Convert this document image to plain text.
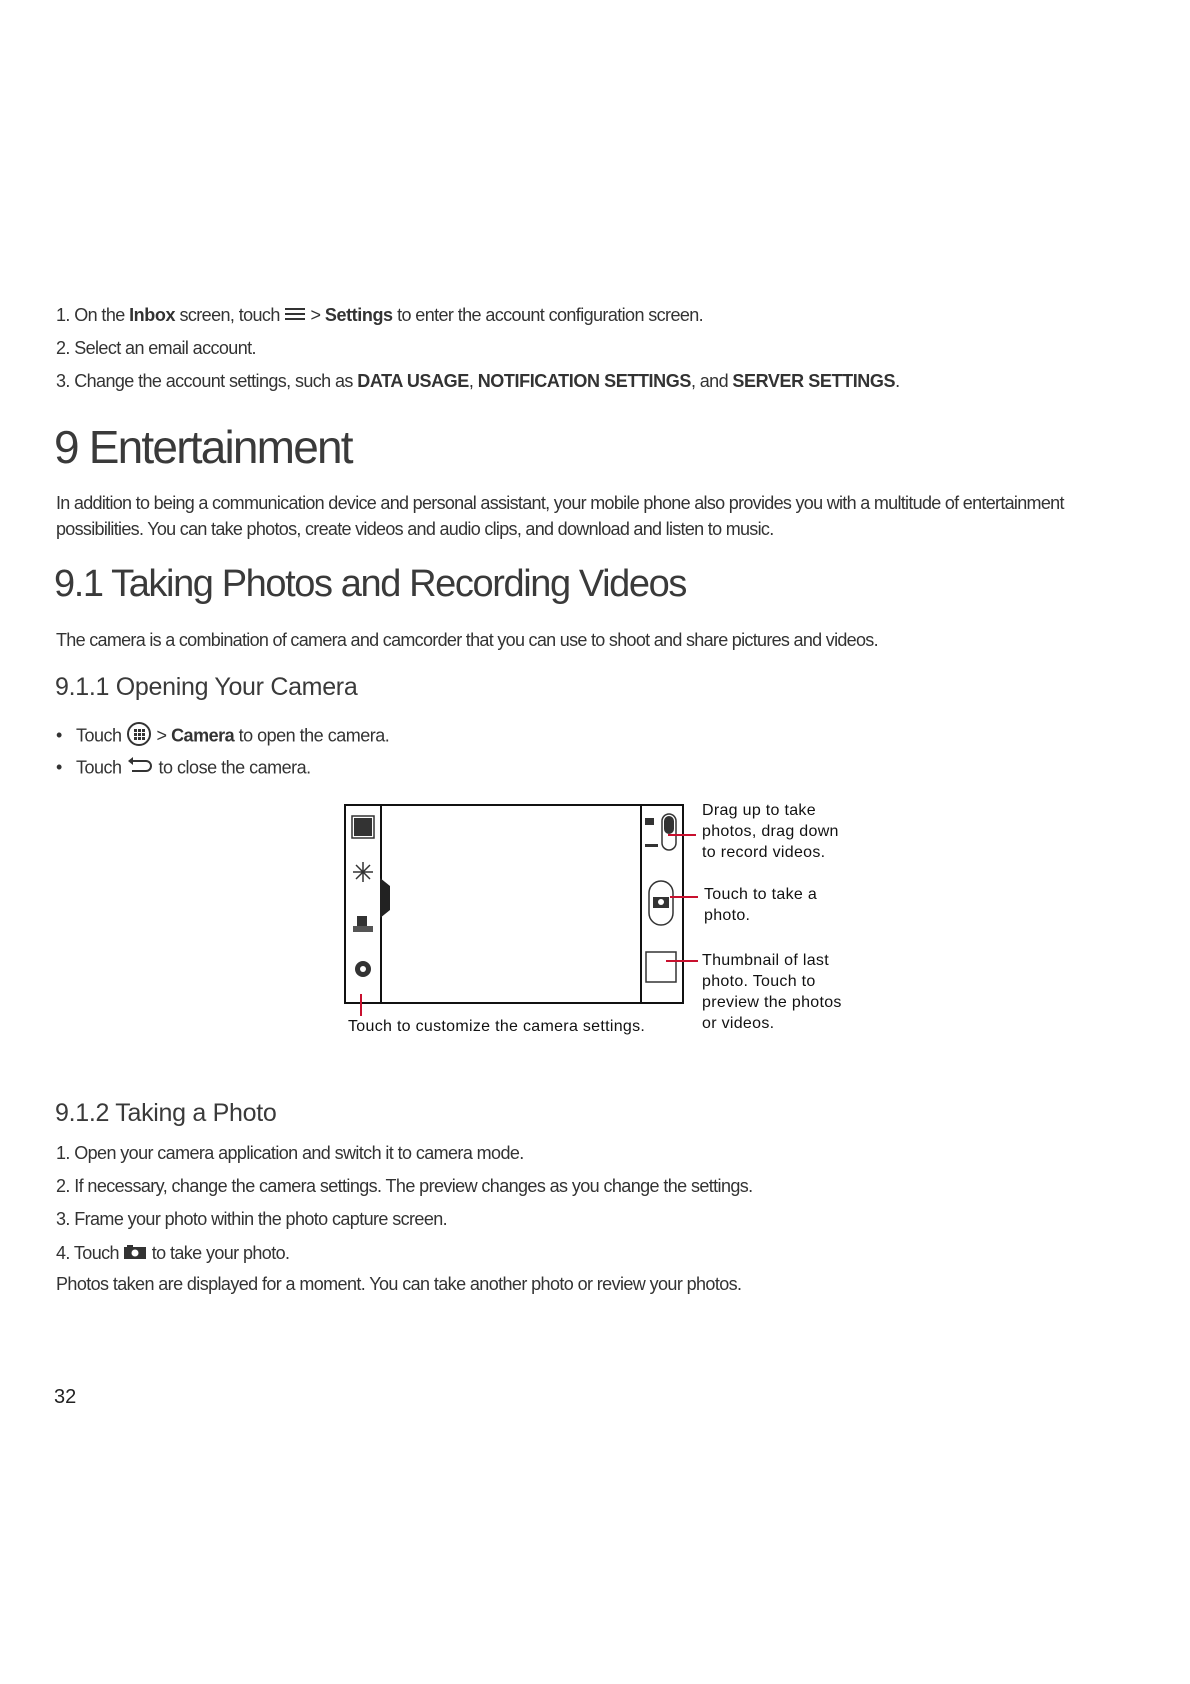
1. On the Inbox screen, touch  > Settings to enter the account configuration screen.
2. Select an email account.
3. Change the account settings, such as DATA USAGE, NOTIFICATION SETTINGS, and SERVER SETTINGS.
9 Entertainment
In addition to being a communication device and personal assistant, your mobile phone also provides you with a multitude of entertainment possibilities. You can take photos, create videos and audio clips, and download and listen to music.
9.1 Taking Photos and Recording Videos
The camera is a combination of camera and camcorder that you can use to shoot and share pictures and videos.
9.1.1 Opening Your Camera
• Touch  > Camera to open the camera.
• Touch  to close the camera.
Drag up to take photos, drag down to record videos.
Touch to take a photo.
Thumbnail of last photo. Touch to preview the photos or videos.
Touch to customize the camera settings.
9.1.2 Taking a Photo
1. Open your camera application and switch it to camera mode.
2. If necessary, change the camera settings. The preview changes as you change the settings.
3. Frame your photo within the photo capture screen.
4. Touch  to take your photo.
Photos taken are displayed for a moment. You can take another photo or review your photos.
32
